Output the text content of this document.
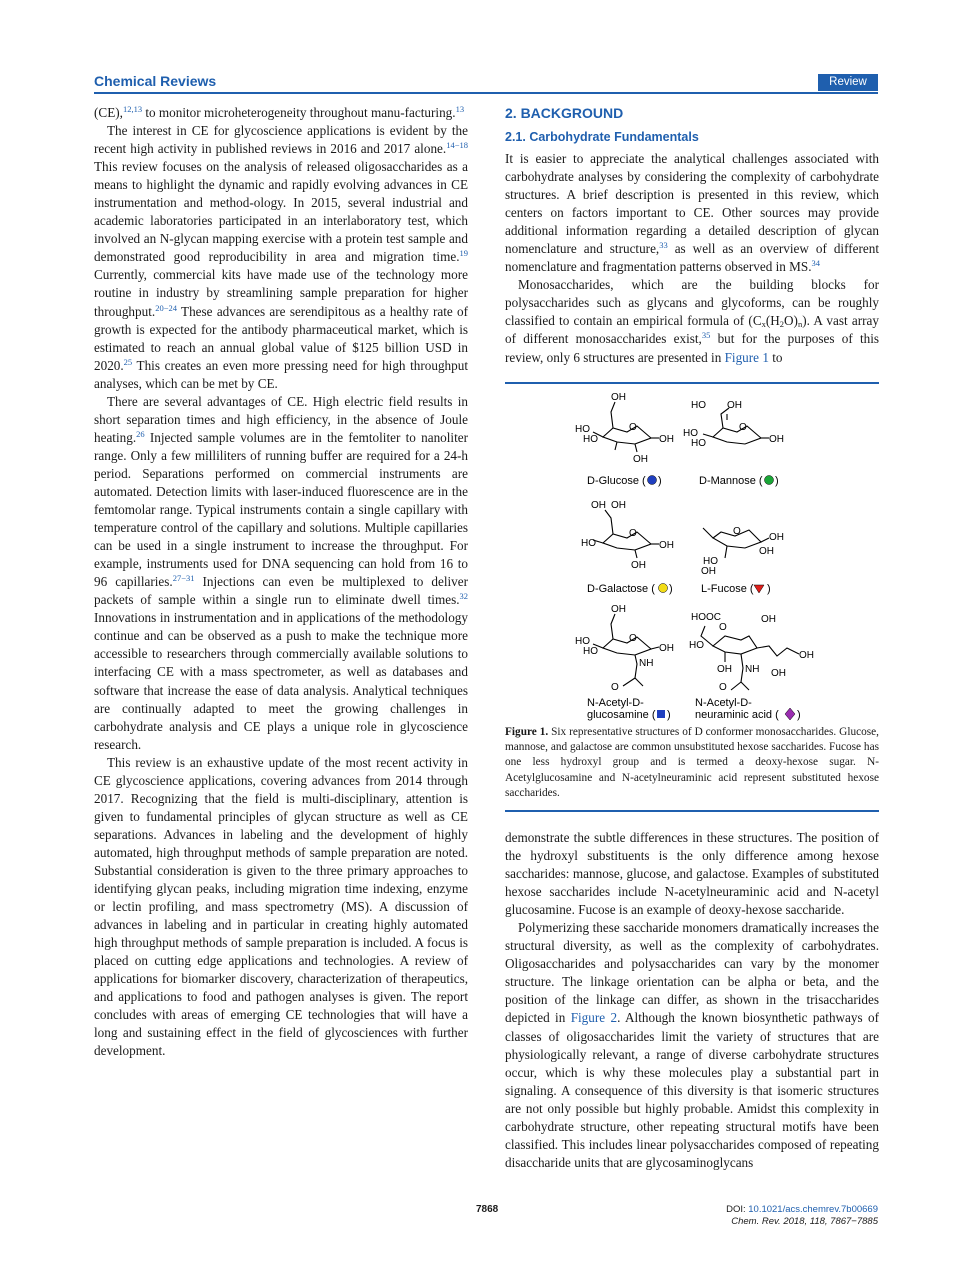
Chemical Reviews	Review

(CE),$^{12,13}$ to monitor microheterogeneity throughout manu-facturing.$^{13}$

The interest in CE for glycoscience applications is evident by the recent high activity in published reviews in 2016 and 2017 alone.$^{14-18}$ This review focuses on the analysis of released oligosaccharides as a means to highlight the dynamic and rapidly evolving advances in CE instrumentation and method-ology. In 2015, several industrial and academic laboratories participated in an interlaboratory test, which involved an N-glycan mapping exercise with a protein test sample and demonstrated good reproducibility in area and migration time.$^{19}$ Currently, commercial kits have made use of the technology more routine in industry by streamlining sample preparation for higher throughput.$^{20-24}$ These advances are serendipitous as a healthy rate of growth is expected for the antibody pharmaceutical market, which is estimated to reach an annual global value of $125 billion USD in 2020.25 This creates an even more pressing need for high throughput analyses, which can be met by CE.

There are several advantages of CE. High electric field results in short separation times and high efficiency, in the absence of Joule heating.$^{26}$ Injected sample volumes are in the femtoliter to nanoliter range. Only a few milliliters of running buffer are required for a 24-h period. Separations performed on commercial instruments are automated. Detection limits with laser-induced fluorescence are in the femtomolar range. Typical instruments contain a single capillary with temperature control of the capillary and solutions. Multiple capillaries can be used in a single instrument to increase the throughput. For example, instruments used for DNA sequencing can hold from 16 to 96 capillaries.$^{27-31}$ Injections can even be multiplexed to deliver packets of sample within a single run to eliminate dwell times.$^{32}$ Innovations in instrumentation and in applications of the methodology continue and can be observed as a push to make the technique more accessible to researchers through commercially available solutions to interfacing CE with a mass spectrometer, as well as databases and software that increase the ease of data analysis. Analytical techniques are continually adapted to meet the growing challenges in carbohydrate analysis and CE plays a unique role in glycoscience research.

This review is an exhaustive update of the most recent activity in CE glycoscience applications, covering advances from 2014 through 2017. Recognizing that the field is multi-disciplinary, attention is given to fundamental principles of glycan structure as well as CE separations. Advances in labeling and the development of highly automated, high throughput methods of sample preparation are noted. Substantial consideration is given to the three primary approaches to identifying glycan peaks, including migration time indexing, enzyme or lectin profiling, and mass spectrometry (MS). A discussion of advances in labeling and in particular in creating highly automated high throughput methods of sample preparation is included. A focus is placed on cutting edge applications and technologies. A review of applications for biomarker discovery, characterization of therapeutics, and applications to food and pathogen analyses is given. The report concludes with areas of emerging CE technologies that will have a long and sustaining effect in the field of glycosciences with further development.

2. BACKGROUND
2.1. Carbohydrate Fundamentals

It is easier to appreciate the analytical challenges associated with carbohydrate analyses by considering the complexity of carbohydrate structures. A brief description is presented in this review, which centers on factors important to CE. Other sources may provide additional information regarding a detailed description of glycan nomenclature and structure,$^{33}$ as well as an overview of different nomenclature and fragmentation patterns observed in MS.$^{34}$

Monosaccharides, which are the building blocks for polysaccharides such as glycans and glycoforms, can be roughly classified to contain an empirical formula of $(C_x(H_2O)_n)$. A vast array of different monosaccharides exist,$^{35}$ but for the purposes of this review, only 6 structures are presented in Figure 1 to

OH
HO
HO
O
OH
OH
D-Glucose ( )
HO OH
HO
HO
O
OH
D-Mannose ( )
OH OH
HO
O
OH
OH
D-Galactose ( )
O
OH
HO
OH
OH
L-Fucose ( )
OH
HO
HO
O
OH
NH
O
N-Acetyl-D-
glucosamine ( )
HOOC
O
OH
HO
OH NH OH
OH
O
N-Acetyl-D-
neuraminic acid ( )
Figure 1. Six representative structures of D conformer monosaccharides. Glucose, mannose, and galactose are common unsubstituted hexose saccharides. Fucose has one less hydroxyl group and is termed a deoxy-hexose sugar. N-Acetylglucosamine and N-acetylneuraminic acid represent substituted hexose saccharides.

demonstrate the subtle differences in these structures. The position of the hydroxyl substituents is the only difference among hexose saccharides: mannose, glucose, and galactose. Examples of substituted hexose saccharides include N-acetylneuraminic acid and N-acetyl glucosamine. Fucose is an example of deoxy-hexose saccharide.

Polymerizing these saccharide monomers dramatically increases the structural diversity, as well as the complexity of carbohydrates. Oligosaccharides and polysaccharides can vary by the monomer structure. The linkage orientation can be alpha or beta, and the position of the linkage can differ, as shown in the trisaccharides depicted in Figure 2. Although the known biosynthetic pathways of classes of oligosaccharides limit the variety of structures that are physiologically relevant, a range of diverse carbohydrate structures occur, which is why these molecules play a substantial part in signaling. A consequence of this diversity is that isomeric structures are not only possible but highly probable. Amidst this complexity in carbohydrate structure, other repeating structural motifs have been classified. This includes linear polysaccharides composed of repeating disaccharide units that are glycosaminoglycans

7868	DOI: 10.1021/acs.chemrev.7b00669
Chem. Rev. 2018, 118, 7867−7885
